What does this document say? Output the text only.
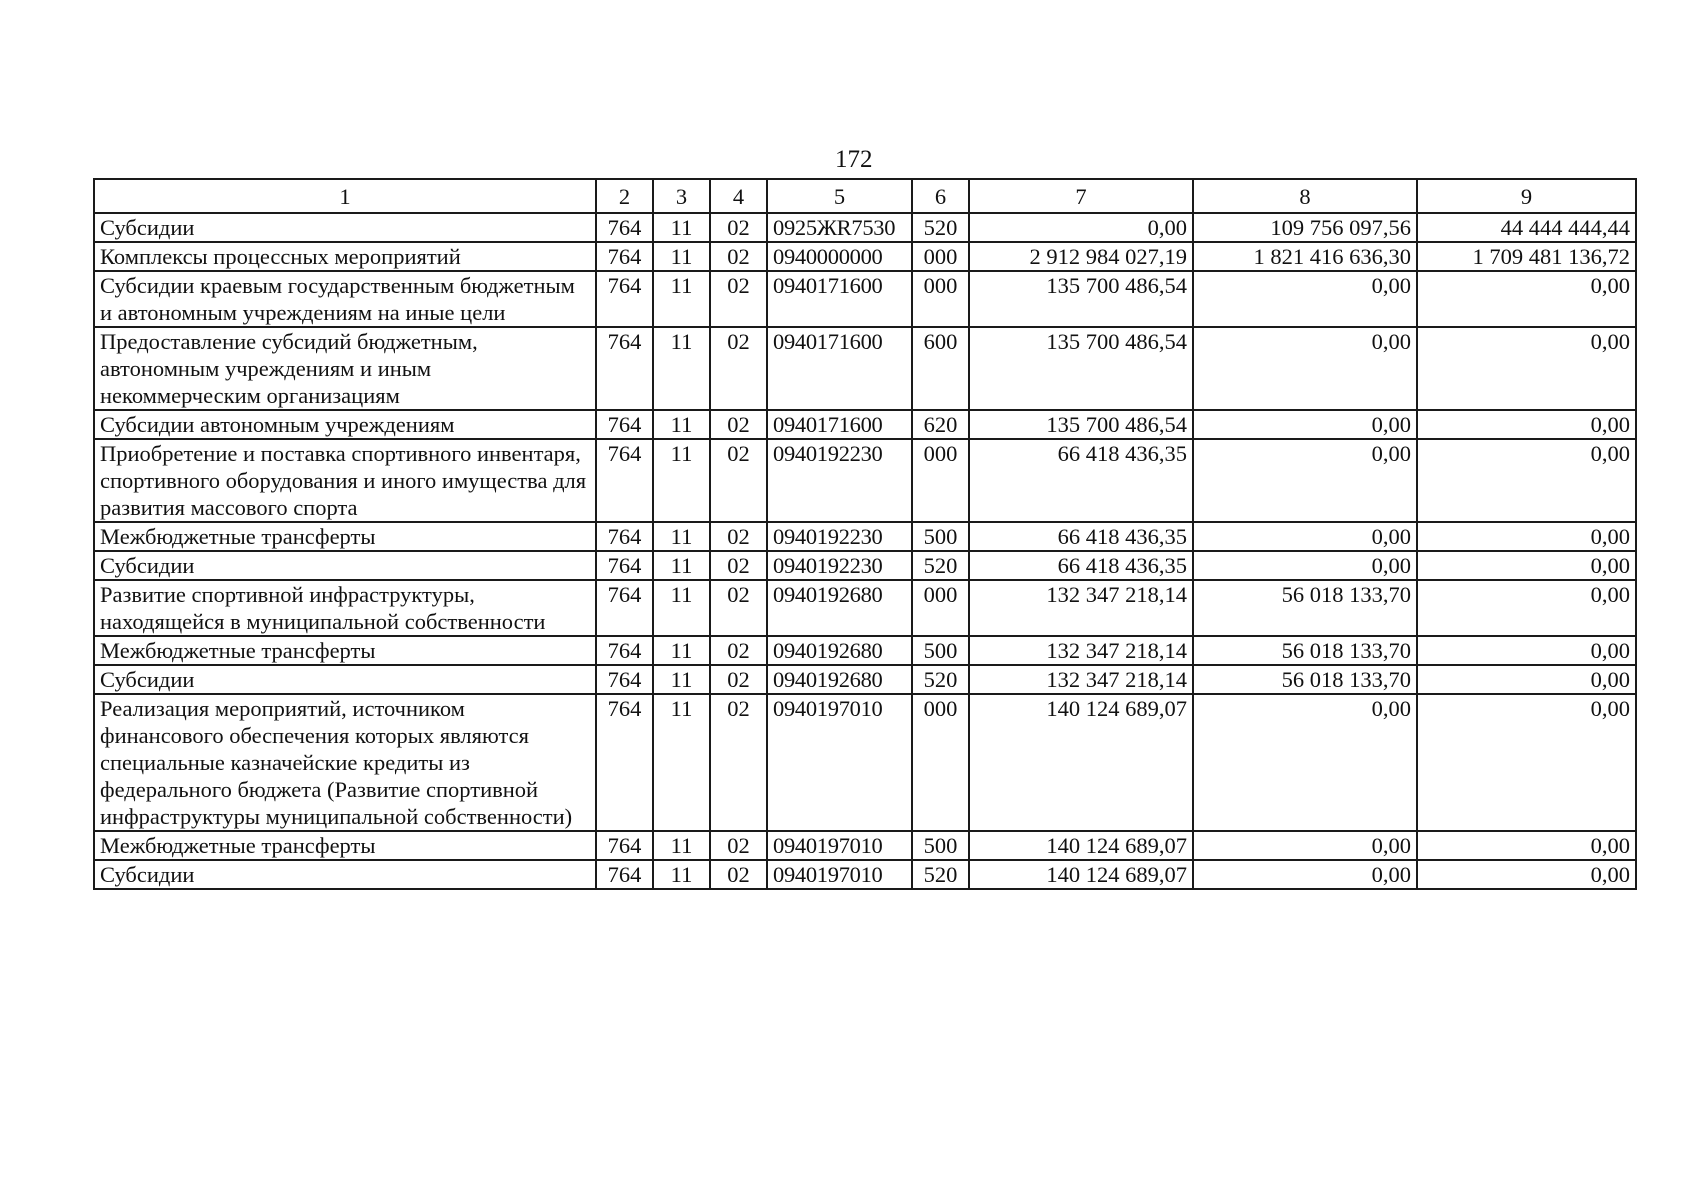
172
1	2	3	4	5	6	7	8	9
Субсидии	764	11	02	0925ЖR7530	520	0,00	109 756 097,56	44 444 444,44
Комплексы процессных мероприятий	764	11	02	0940000000	000	2 912 984 027,19	1 821 416 636,30	1 709 481 136,72
Субсидии краевым государственным бюджетным и автономным учреждениям на иные цели	764	11	02	0940171600	000	135 700 486,54	0,00	0,00
Предоставление субсидий бюджетным, автономным учреждениям и иным некоммерческим организациям	764	11	02	0940171600	600	135 700 486,54	0,00	0,00
Субсидии автономным учреждениям	764	11	02	0940171600	620	135 700 486,54	0,00	0,00
Приобретение и поставка спортивного инвентаря, спортивного оборудования и иного имущества для развития массового спорта	764	11	02	0940192230	000	66 418 436,35	0,00	0,00
Межбюджетные трансферты	764	11	02	0940192230	500	66 418 436,35	0,00	0,00
Субсидии	764	11	02	0940192230	520	66 418 436,35	0,00	0,00
Развитие спортивной инфраструктуры, находящейся в муниципальной собственности	764	11	02	0940192680	000	132 347 218,14	56 018 133,70	0,00
Межбюджетные трансферты	764	11	02	0940192680	500	132 347 218,14	56 018 133,70	0,00
Субсидии	764	11	02	0940192680	520	132 347 218,14	56 018 133,70	0,00
Реализация мероприятий, источником финансового обеспечения которых являются специальные казначейские кредиты из федерального бюджета (Развитие спортивной инфраструктуры муниципальной собственности)	764	11	02	0940197010	000	140 124 689,07	0,00	0,00
Межбюджетные трансферты	764	11	02	0940197010	500	140 124 689,07	0,00	0,00
Субсидии	764	11	02	0940197010	520	140 124 689,07	0,00	0,00
